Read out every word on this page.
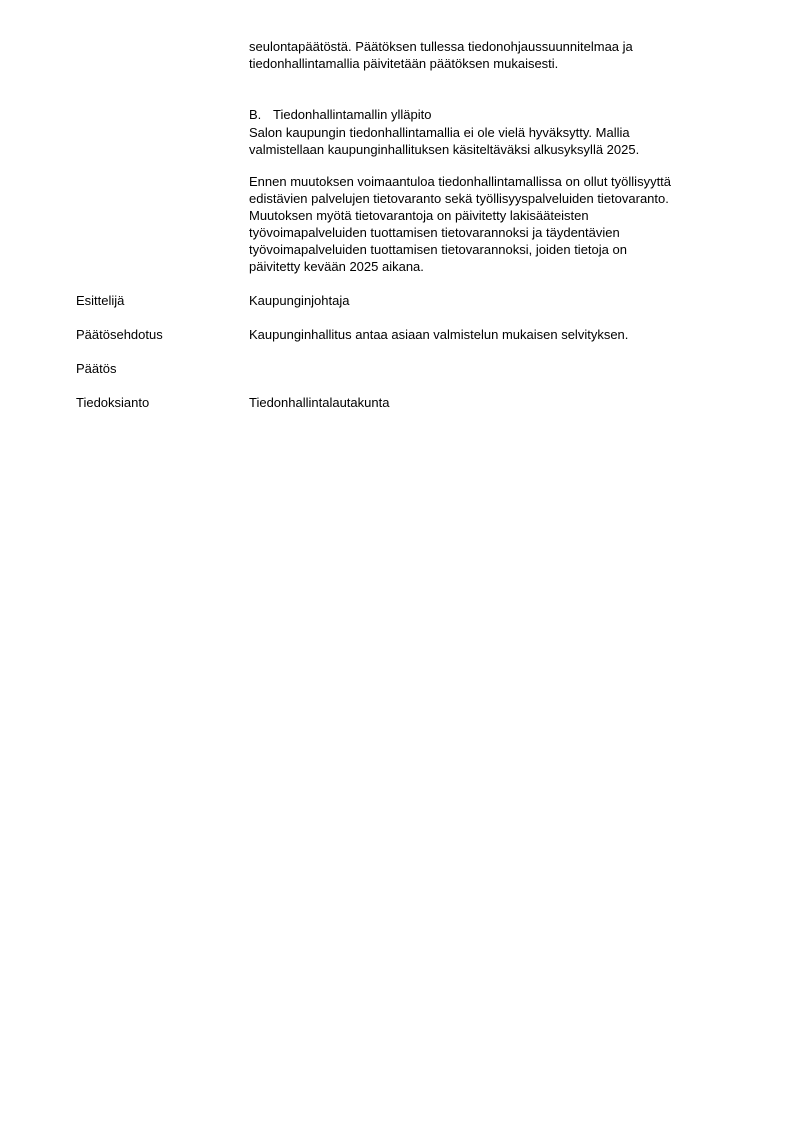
seulontapäätöstä. Päätöksen tullessa tiedonohjaussuunnitelmaa ja
tiedonhallintamallia päivitetään päätöksen mukaisesti.

B. Tiedonhallintamallin ylläpito

Salon kaupungin tiedonhallintamallia ei ole vielä hyväksytty. Mallia
valmistellaan kaupunginhallituksen käsiteltäväksi alkusyksyllä 2025.

Ennen muutoksen voimaantuloa tiedonhallintamallissa on ollut työllisyyttä
edistävien palvelujen tietovaranto sekä työllisyyspalveluiden tietovaranto.
Muutoksen myötä tietovarantoja on päivitetty lakisääteisten
työvoimapalveluiden tuottamisen tietovarannoksi ja täydentävien
työvoimapalveluiden tuottamisen tietovarannoksi, joiden tietoja on
päivitetty kevään 2025 aikana.

Esittelijä	Kaupunginjohtaja
Päätösehdotus	Kaupunginhallitus antaa asiaan valmistelun mukaisen selvityksen.
Päätös
Tiedoksianto	Tiedonhallintalautakunta
